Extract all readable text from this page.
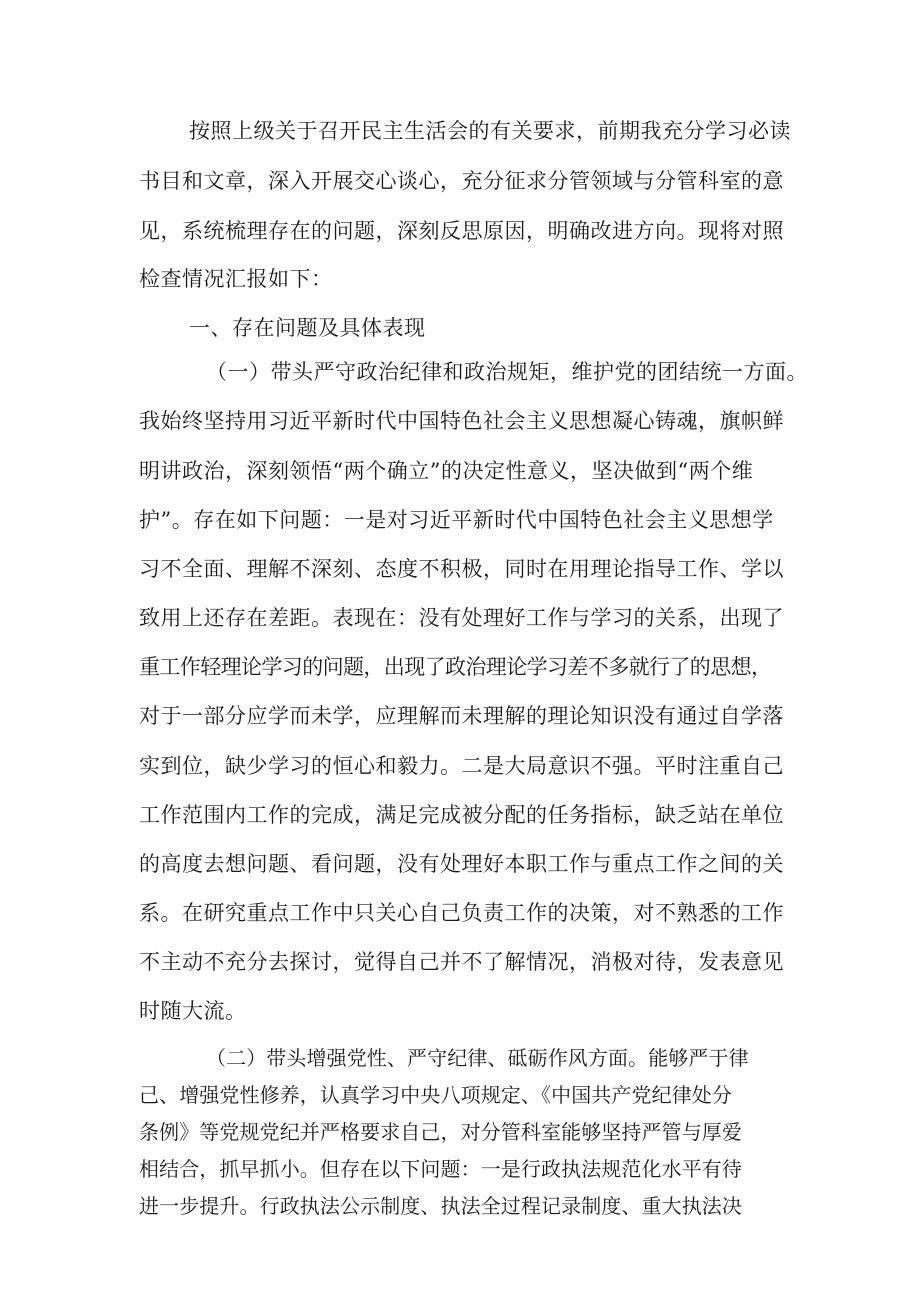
按照上级关于召开民主生活会的有关要求，前期我充分学习必读
书目和文章，深入开展交心谈心，充分征求分管领域与分管科室的意
见，系统梳理存在的问题，深刻反思原因，明确改进方向。现将对照
检查情况汇报如下：
一、存在问题及具体表现
（一）带头严守政治纪律和政治规矩，维护党的团结统一方面。
我始终坚持用习近平新时代中国特色社会主义思想凝心铸魂，旗帜鲜
明讲政治，深刻领悟“两个确立”的决定性意义，坚决做到“两个维
护”。存在如下问题：一是对习近平新时代中国特色社会主义思想学
习不全面、理解不深刻、态度不积极，同时在用理论指导工作、学以
致用上还存在差距。表现在：没有处理好工作与学习的关系，出现了
重工作轻理论学习的问题，出现了政治理论学习差不多就行了的思想，
对于一部分应学而未学，应理解而未理解的理论知识没有通过自学落
实到位，缺少学习的恒心和毅力。二是大局意识不强。平时注重自己
工作范围内工作的完成，满足完成被分配的任务指标，缺乏站在单位
的高度去想问题、看问题，没有处理好本职工作与重点工作之间的关
系。在研究重点工作中只关心自己负责工作的决策，对不熟悉的工作
不主动不充分去探讨，觉得自己并不了解情况，消极对待，发表意见
时随大流。
（二）带头增强党性、严守纪律、砥砺作风方面。能够严于律
己、增强党性修养，认真学习中央八项规定、《中国共产党纪律处分
条例》等党规党纪并严格要求自己，对分管科室能够坚持严管与厚爱
相结合，抓早抓小。但存在以下问题：一是行政执法规范化水平有待
进一步提升。行政执法公示制度、执法全过程记录制度、重大执法决
